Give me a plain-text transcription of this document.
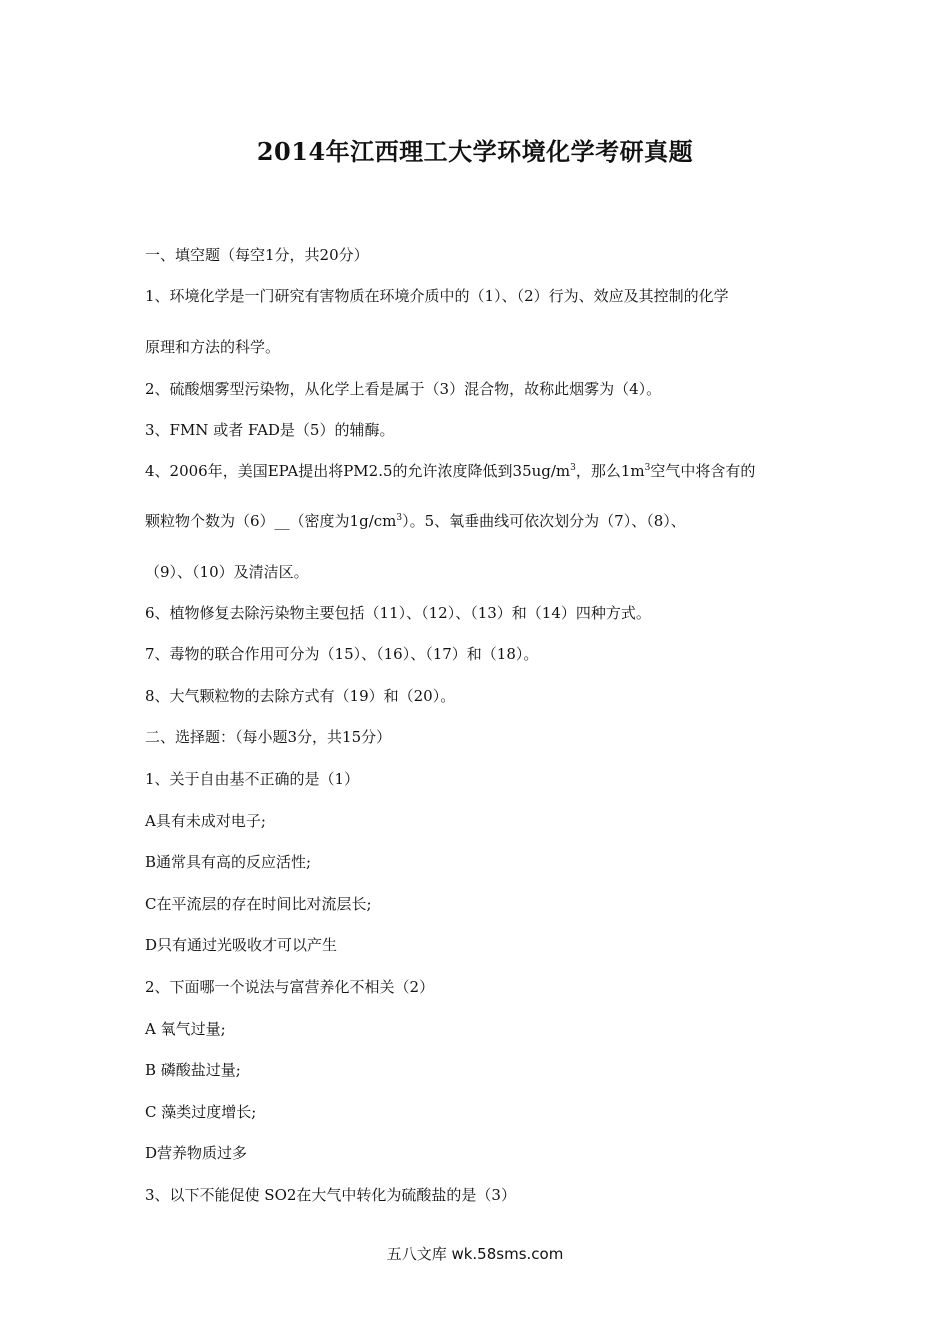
2014年江西理工大学环境化学考研真题
一、填空题（每空1分，共20分）
1、环境化学是一门研究有害物质在环境介质中的（1）、（2）行为、效应及其控制的化学
原理和方法的科学。
2、硫酸烟雾型污染物，从化学上看是属于（3）混合物，故称此烟雾为（4）。
3、FMN 或者 FAD是（5）的辅酶。
4、2006年，美国EPA提出将PM2.5的允许浓度降低到$35ug/m^3$，那么$1m^3$空气中将含有的
颗粒物个数为（6）__（密度为$1g/cm^3$）。5、氧垂曲线可依次划分为（7）、（8）、
（9）、（10）及清洁区。
6、植物修复去除污染物主要包括（11）、（12）、（13）和（14）四种方式。
7、毒物的联合作用可分为（15）、（16）、（17）和（18）。
8、大气颗粒物的去除方式有（19）和（20）。
二、选择题：（每小题3分，共15分）
1、关于自由基不正确的是（1）
A具有未成对电子;
B通常具有高的反应活性;
C在平流层的存在时间比对流层长;
D只有通过光吸收才可以产生
2、下面哪一个说法与富营养化不相关（2）
A 氧气过量;
B 磷酸盐过量;
C 藻类过度增长;
D营养物质过多
3、以下不能促使 SO2在大气中转化为硫酸盐的是（3）
五八文库 wk.58sms.com
